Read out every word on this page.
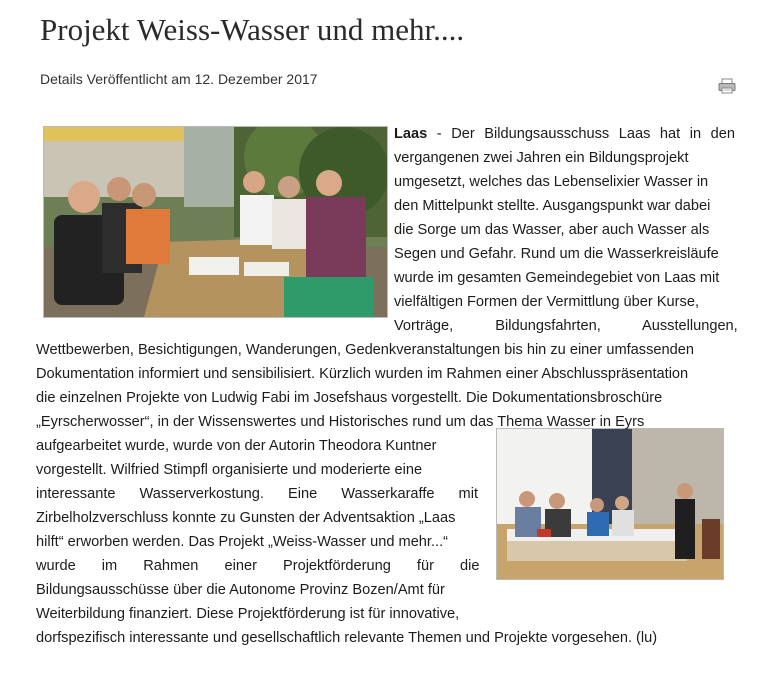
Projekt Weiss-Wasser und mehr....
Details Veröffentlicht am 12. Dezember 2017
Laas - Der Bildungsausschuss Laas hat in den
vergangenen zwei Jahren ein Bildungsprojekt
umgesetzt, welches das Lebenselixier Wasser in
den Mittelpunkt stellte. Ausgangspunkt war dabei
die Sorge um das Wasser, aber auch Wasser als
Segen und Gefahr. Rund um die Wasserkreisläufe
wurde im gesamten Gemeindegebiet von Laas mit
vielfältigen Formen der Vermittlung über Kurse,
Vorträge, Bildungsfahrten, Ausstellungen,
Wettbewerben, Besichtigungen, Wanderungen, Gedenkveranstaltungen bis hin zu einer umfassenden
Dokumentation informiert und sensibilisiert. Kürzlich wurden im Rahmen einer Abschlusspräsentation
die einzelnen Projekte von Ludwig Fabi im Josefshaus vorgestellt. Die Dokumentationsbroschüre
„Eyrscherwosser“, in der Wissenswertes und Historisches rund um das Thema Wasser in Eyrs
aufgearbeitet wurde, wurde von der Autorin Theodora Kuntner
vorgestellt. Wilfried Stimpfl organisierte und moderierte eine
interessante Wasserverkostung. Eine Wasserkaraffe mit
Zirbelholzverschluss konnte zu Gunsten der Adventsaktion „Laas
hilft“ erworben werden. Das Projekt „Weiss-Wasser und mehr...“
wurde im Rahmen einer Projektförderung für die
Bildungsausschüsse über die Autonome Provinz Bozen/Amt für
Weiterbildung finanziert. Diese Projektförderung ist für innovative,
dorfspezifisch interessante und gesellschaftlich relevante Themen und Projekte vorgesehen. (lu)
